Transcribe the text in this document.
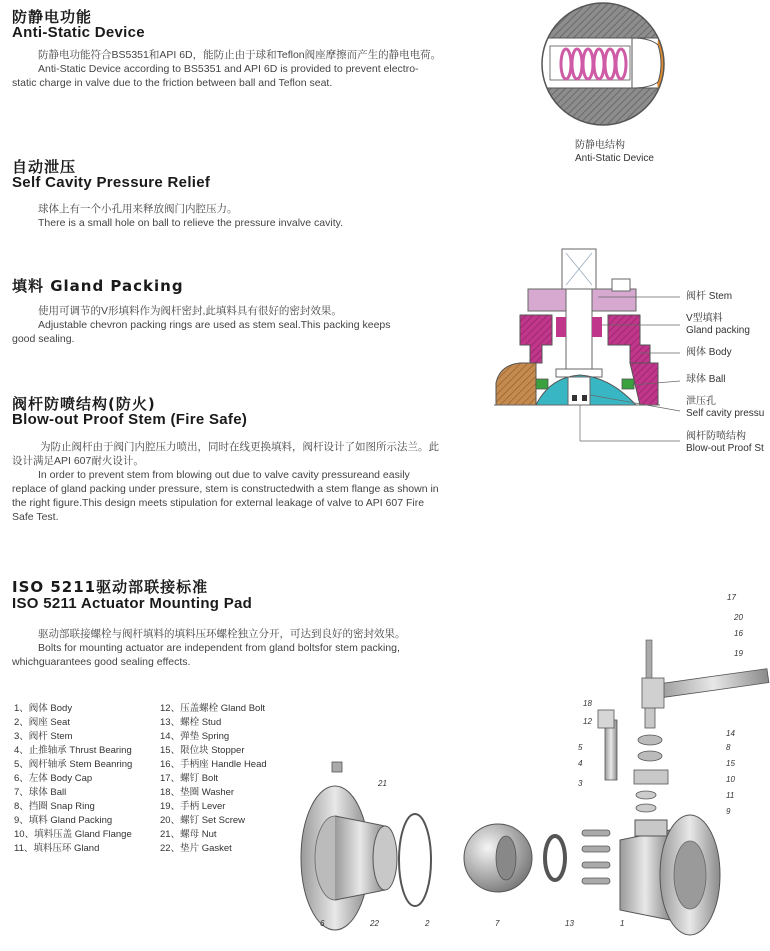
防静电功能
Anti-Static Device
防静电功能符合BS5351和API 6D，能防止由于球和Teflon阀座摩擦而产生的静电电荷。
Anti-Static Device according to BS5351 and API 6D is provided to prevent electro-static charge in valve due to the friction between ball and Teflon seat.
自动泄压
Self Cavity Pressure Relief
球体上有一个小孔用来释放阀门内腔压力。
There is a small hole on ball to relieve the pressure invalve cavity.
填料 Gland Packing
使用可调节的V形填料作为阀杆密封,此填料具有很好的密封效果。
Adjustable chevron packing rings are used as stem seal.This packing keeps good sealing.
阀杆防喷结构(防火)
Blow-out Proof Stem (Fire Safe)
为防止阀杆由于阀门内腔压力喷出，同时在线更换填料，阀杆设计了如图所示法兰。此设计满足API 607耐火设计。
In order to prevent stem from blowing out due to valve cavity pressureand easily replace of gland packing under pressure, stem is constructedwith a stem flange as shown in the right figure.This design meets stipulation for external leakage of valve to API 607 Fire Safe Test.
ISO 5211驱动部联接标准
ISO 5211 Actuator Mounting Pad
驱动部联接螺栓与阀杆填料的填料压环螺栓独立分开，可达到良好的密封效果。
Bolts for mounting actuator are independent from gland boltsfor stem packing, whichguarantees good sealing effects.
1、阀体 Body
2、阀座 Seat
3、阀杆 Stem
4、止推轴承 Thrust Bearing
5、阀杆轴承 Stem Beanring
6、左体 Body Cap
7、球体 Ball
8、挡圈 Snap Ring
9、填料 Gland Packing
10、填料压盖 Gland Flange
11、填料压环 Gland
12、压盖螺栓 Gland Bolt
13、螺栓 Stud
14、弹垫 Spring
15、限位块 Stopper
16、手柄座 Handle Head
17、螺钉 Bolt
18、垫圈 Washer
19、手柄 Lever
20、螺钉 Set Screw
21、螺母 Nut
22、垫片 Gasket
防静电结构
Anti-Static Device
阀杆 Stem
V型填料
Gland packing
阀体 Body
球体 Ball
泄压孔
Self cavity pressu
阀杆防喷结构
Blow-out Proof St
17
20
16
19
18
12
14
8
15
10
11
9
5
4
3
21
6	22	2	7	13	1
